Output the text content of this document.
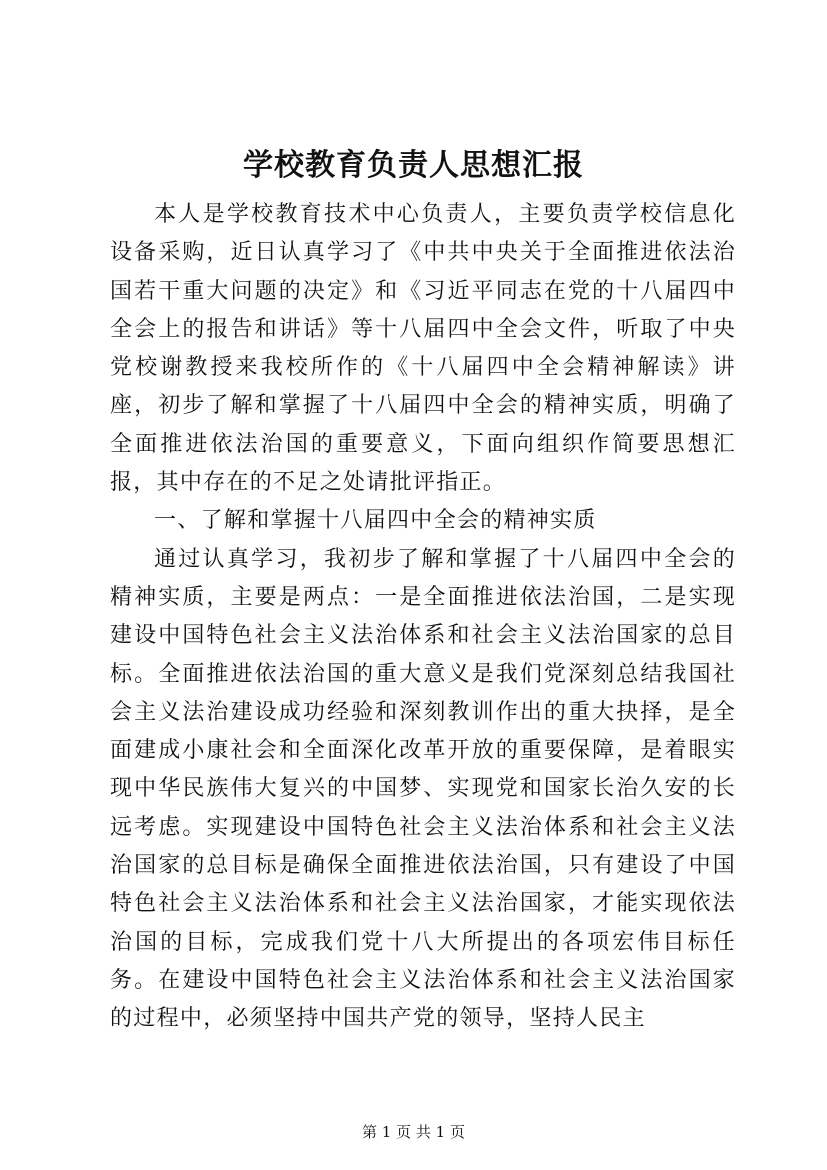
学校教育负责人思想汇报

本人是学校教育技术中心负责人，主要负责学校信息化设备采购，近日认真学习了《中共中央关于全面推进依法治国若干重大问题的决定》和《习近平同志在党的十八届四中全会上的报告和讲话》等十八届四中全会文件，听取了中央党校谢教授来我校所作的《十八届四中全会精神解读》讲座，初步了解和掌握了十八届四中全会的精神实质，明确了全面推进依法治国的重要意义，下面向组织作简要思想汇报，其中存在的不足之处请批评指正。

一、了解和掌握十八届四中全会的精神实质

通过认真学习，我初步了解和掌握了十八届四中全会的精神实质，主要是两点：一是全面推进依法治国，二是实现建设中国特色社会主义法治体系和社会主义法治国家的总目标。全面推进依法治国的重大意义是我们党深刻总结我国社会主义法治建设成功经验和深刻教训作出的重大抉择，是全面建成小康社会和全面深化改革开放的重要保障，是着眼实现中华民族伟大复兴的中国梦、实现党和国家长治久安的长远考虑。实现建设中国特色社会主义法治体系和社会主义法治国家的总目标是确保全面推进依法治国，只有建设了中国特色社会主义法治体系和社会主义法治国家，才能实现依法治国的目标，完成我们党十八大所提出的各项宏伟目标任务。在建设中国特色社会主义法治体系和社会主义法治国家的过程中，必须坚持中国共产党的领导，坚持人民主

第 1 页 共 1 页
